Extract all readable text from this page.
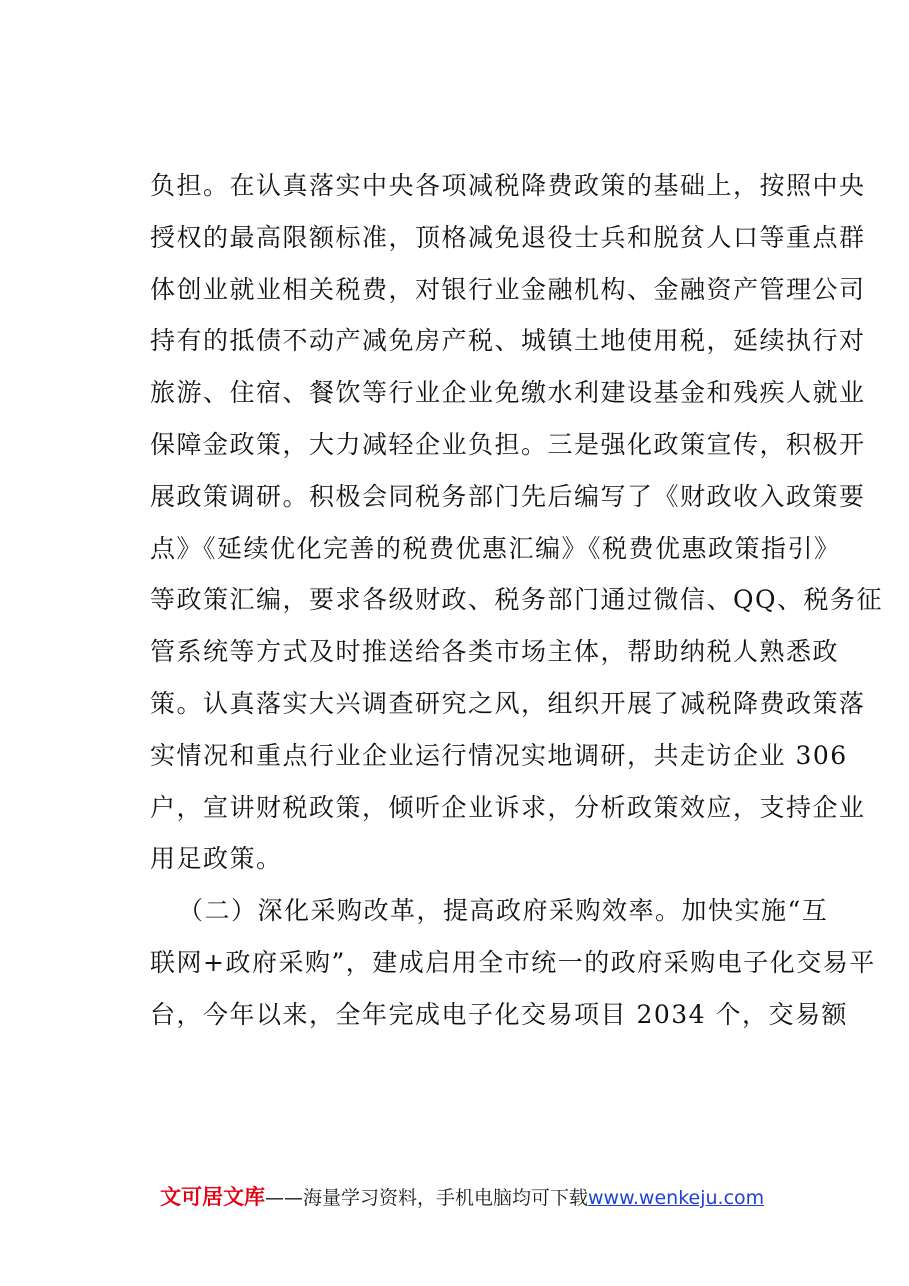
负担。在认真落实中央各项减税降费政策的基础上，按照中央
授权的最高限额标准，顶格减免退役士兵和脱贫人口等重点群
体创业就业相关税费，对银行业金融机构、金融资产管理公司
持有的抵债不动产减免房产税、城镇土地使用税，延续执行对
旅游、住宿、餐饮等行业企业免缴水利建设基金和残疾人就业
保障金政策，大力减轻企业负担。三是强化政策宣传，积极开
展政策调研。积极会同税务部门先后编写了《财政收入政策要
点》《延续优化完善的税费优惠汇编》《税费优惠政策指引》
等政策汇编，要求各级财政、税务部门通过微信、QQ、税务征
管系统等方式及时推送给各类市场主体，帮助纳税人熟悉政
策。认真落实大兴调查研究之风，组织开展了减税降费政策落
实情况和重点行业企业运行情况实地调研，共走访企业 306
户，宣讲财税政策，倾听企业诉求，分析政策效应，支持企业
用足政策。
（二）深化采购改革，提高政府采购效率。加快实施“互
联网+政府采购”，建成启用全市统一的政府采购电子化交易平
台，今年以来，全年完成电子化交易项目 2034 个，交易额
文可居文库——海量学习资料，手机电脑均可下载www.wenkeju.com
